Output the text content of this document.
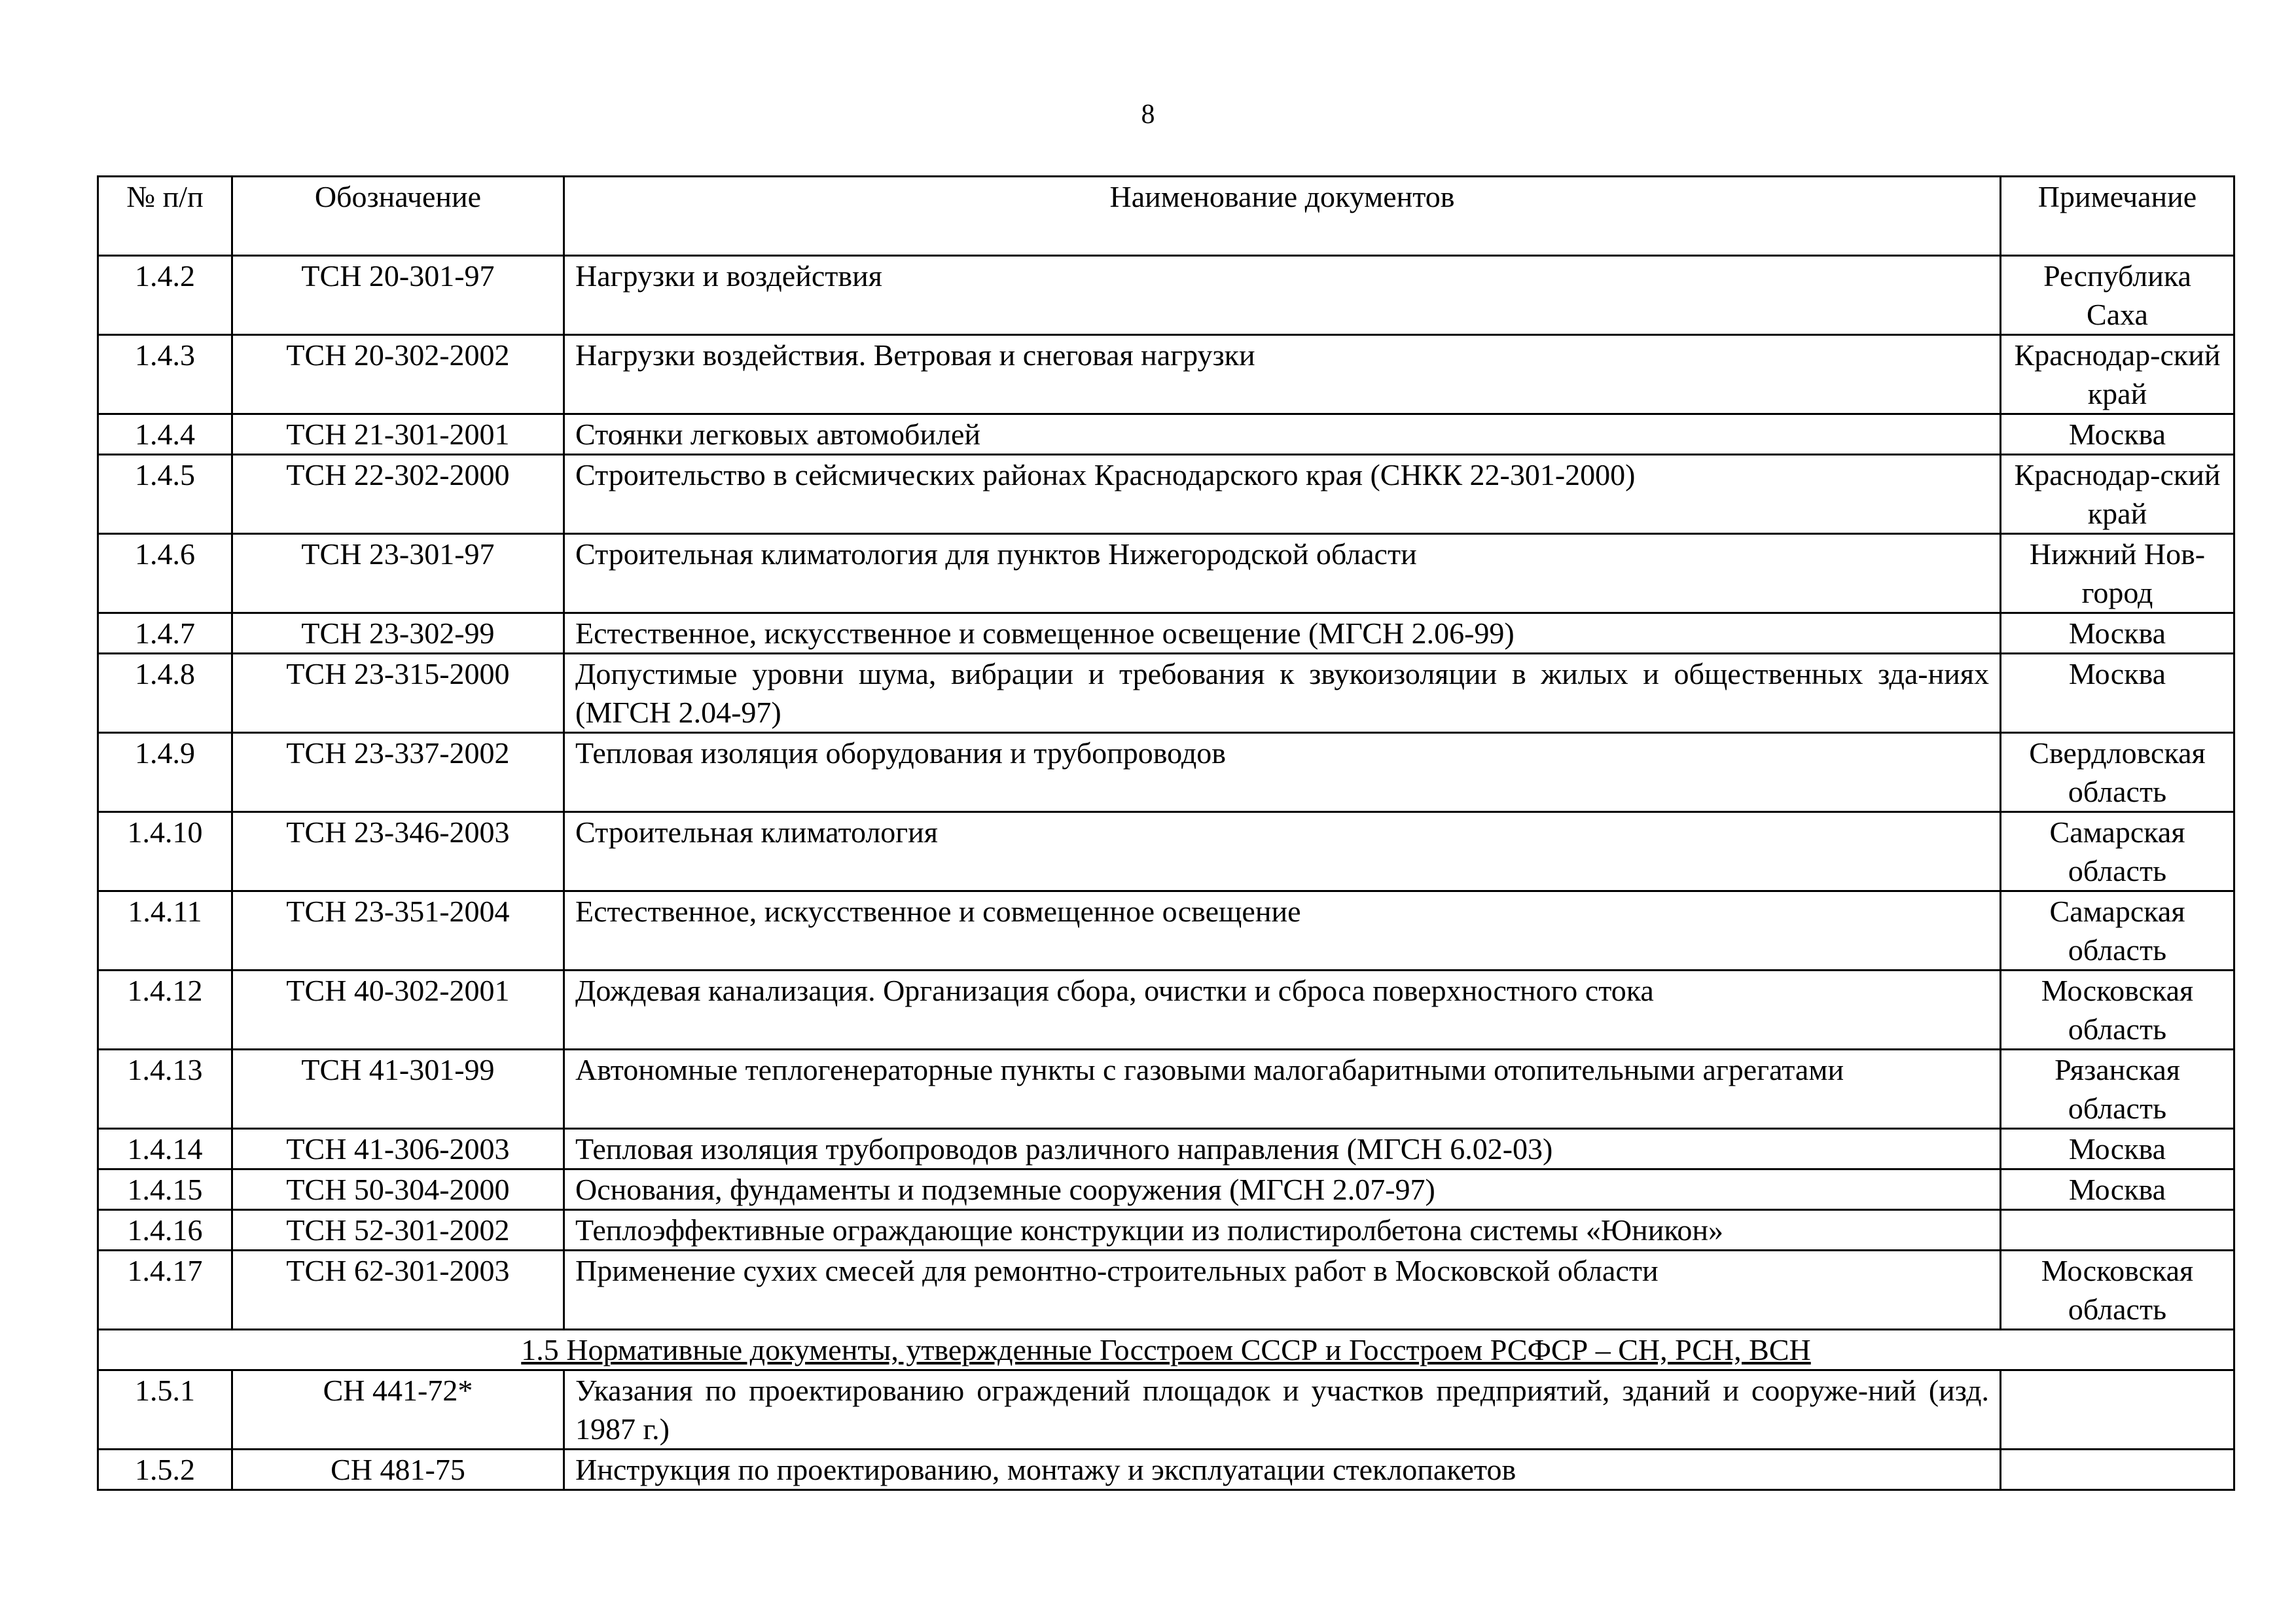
8
№ п/п	Обозначение	Наименование документов	Примечание
1.4.2	ТСН 20-301-97	Нагрузки и воздействия	Республика Саха
1.4.3	ТСН 20-302-2002	Нагрузки воздействия. Ветровая и снеговая нагрузки	Краснодар-ский край
1.4.4	ТСН 21-301-2001	Стоянки легковых автомобилей	Москва
1.4.5	ТСН 22-302-2000	Строительство в сейсмических районах Краснодарского края (СНКК 22-301-2000)	Краснодар-ский край
1.4.6	ТСН 23-301-97	Строительная климатология для пунктов Нижегородской области	Нижний Нов-город
1.4.7	ТСН 23-302-99	Естественное, искусственное и совмещенное освещение (МГСН 2.06-99)	Москва
1.4.8	ТСН 23-315-2000	Допустимые уровни шума, вибрации и требования к звукоизоляции в жилых и общественных зда-ниях (МГСН 2.04-97)	Москва
1.4.9	ТСН 23-337-2002	Тепловая изоляция оборудования и трубопроводов	Свердловская область
1.4.10	ТСН 23-346-2003	Строительная климатология	Самарская область
1.4.11	ТСН 23-351-2004	Естественное, искусственное и совмещенное освещение	Самарская область
1.4.12	ТСН 40-302-2001	Дождевая канализация. Организация сбора, очистки и сброса поверхностного стока	Московская область
1.4.13	ТСН 41-301-99	Автономные теплогенераторные пункты с газовыми малогабаритными отопительными агрегатами	Рязанская область
1.4.14	ТСН 41-306-2003	Тепловая изоляция трубопроводов различного направления (МГСН 6.02-03)	Москва
1.4.15	ТСН 50-304-2000	Основания, фундаменты и подземные сооружения (МГСН 2.07-97)	Москва
1.4.16	ТСН 52-301-2002	Теплоэффективные ограждающие конструкции из полистиролбетона системы «Юникон»	
1.4.17	ТСН 62-301-2003	Применение сухих смесей для ремонтно-строительных работ в Московской области	Московская область
1.5 Нормативные документы, утвержденные Госстроем СССР и Госстроем РСФСР – СН, РСН, ВСН			
1.5.1	СН 441-72*	Указания по проектированию ограждений площадок и участков предприятий, зданий и сооруже-ний (изд. 1987 г.)	
1.5.2	СН 481-75	Инструкция по проектированию, монтажу и эксплуатации стеклопакетов	
